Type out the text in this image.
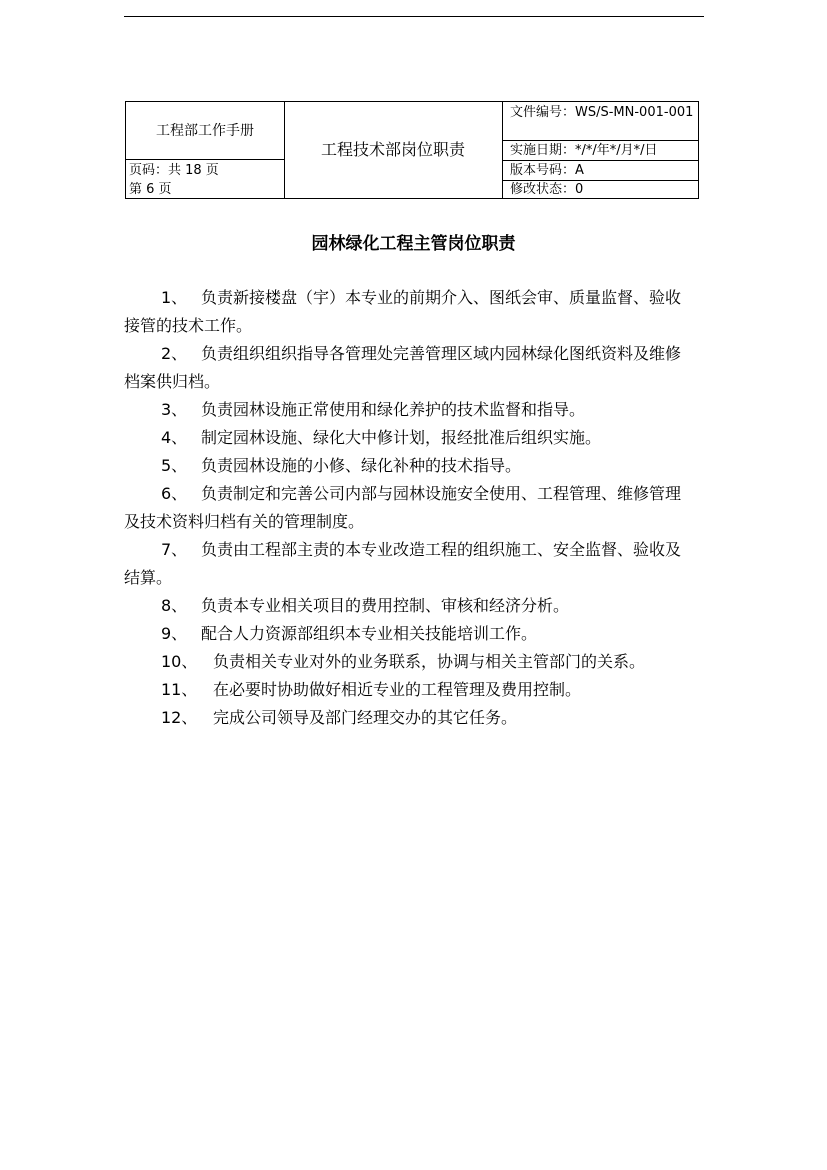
工程部工作手册
页码：共 18 页
第 6 页
工程技术部岗位职责
文件编号：WS/S-MN-001-001
实施日期：*/*/年*/月*/日
版本号码：A
修改状态：0
园林绿化工程主管岗位职责
1、 负责新接楼盘（宇）本专业的前期介入、图纸会审、质量监督、验收接管的技术工作。
2、 负责组织组织指导各管理处完善管理区域内园林绿化图纸资料及维修档案供归档。
3、 负责园林设施正常使用和绿化养护的技术监督和指导。
4、 制定园林设施、绿化大中修计划，报经批准后组织实施。
5、 负责园林设施的小修、绿化补种的技术指导。
6、 负责制定和完善公司内部与园林设施安全使用、工程管理、维修管理及技术资料归档有关的管理制度。
7、 负责由工程部主责的本专业改造工程的组织施工、安全监督、验收及结算。
8、 负责本专业相关项目的费用控制、审核和经济分析。
9、 配合人力资源部组织本专业相关技能培训工作。
10、 负责相关专业对外的业务联系，协调与相关主管部门的关系。
11、 在必要时协助做好相近专业的工程管理及费用控制。
12、 完成公司领导及部门经理交办的其它任务。
